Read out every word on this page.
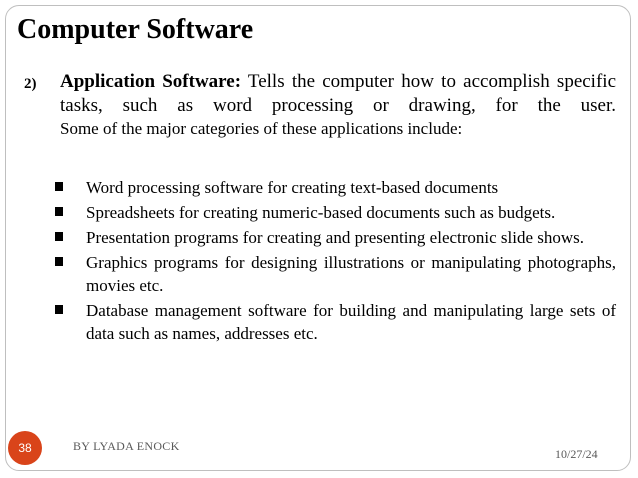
Computer Software
2) Application Software: Tells the computer how to accomplish specific tasks, such as word processing or drawing, for the user.
Some of the major categories of these applications include:
Word processing software for creating text-based documents
Spreadsheets for creating numeric-based documents such as budgets.
Presentation programs for creating and presenting electronic slide shows.
Graphics programs for designing illustrations or manipulating photographs, movies etc.
Database management software for building and manipulating large sets of data such as names, addresses etc.
38	BY LYADA ENOCK
10/27/24
